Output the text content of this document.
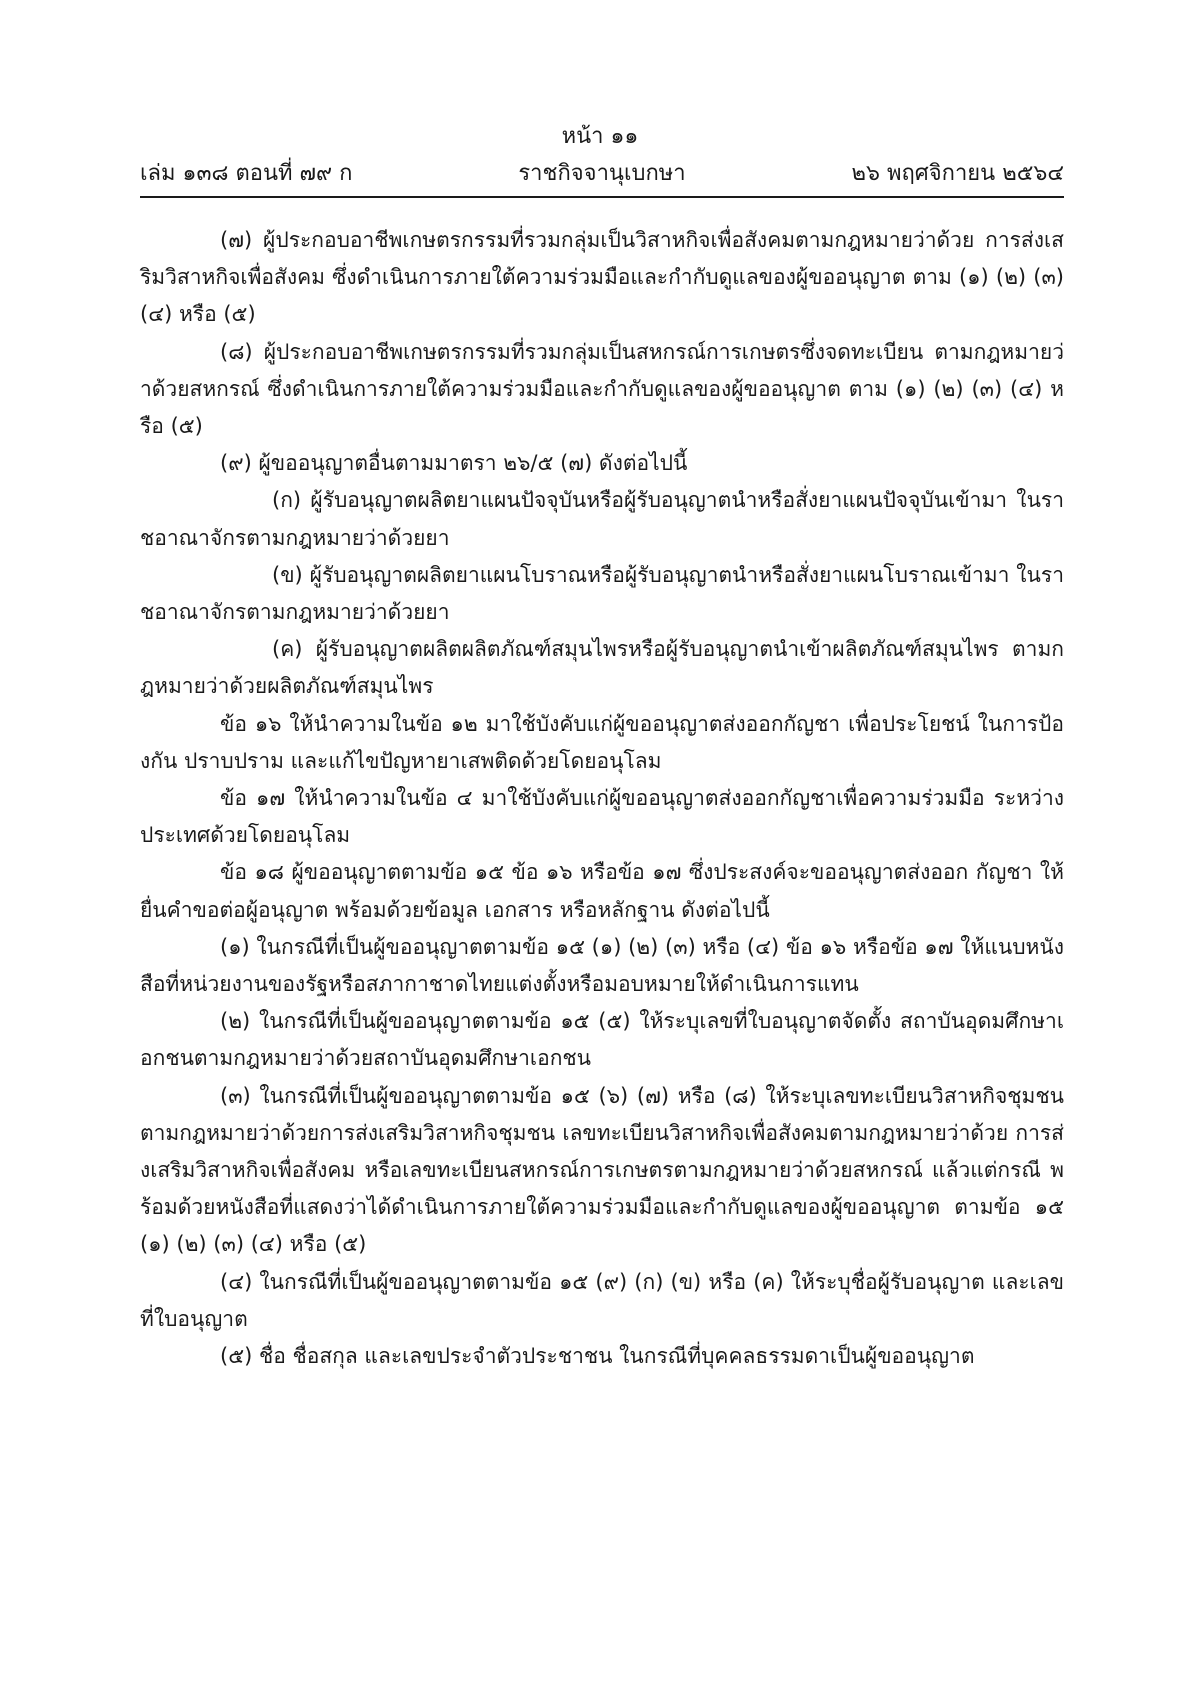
หน้า ๑๑
ราชกิจจานุเบกษา
เล่ม ๑๓๘ ตอนที่ ๗๙ ก	๒๖ พฤศจิกายน ๒๕๖๔

(๗) ผู้ประกอบอาชีพเกษตรกรรมที่รวมกลุ่มเป็นวิสาหกิจเพื่อสังคมตามกฎหมายว่าด้วย การส่งเสริมวิสาหกิจเพื่อสังคม ซึ่งดำเนินการภายใต้ความร่วมมือและกำกับดูแลของผู้ขออนุญาต ตาม (๑) (๒) (๓) (๔) หรือ (๕)

(๘) ผู้ประกอบอาชีพเกษตรกรรมที่รวมกลุ่มเป็นสหกรณ์การเกษตรซึ่งจดทะเบียน ตามกฎหมายว่าด้วยสหกรณ์ ซึ่งดำเนินการภายใต้ความร่วมมือและกำกับดูแลของผู้ขออนุญาต ตาม (๑) (๒) (๓) (๔) หรือ (๕)

(๙) ผู้ขออนุญาตอื่นตามมาตรา ๒๖/๕ (๗) ดังต่อไปนี้

(ก) ผู้รับอนุญาตผลิตยาแผนปัจจุบันหรือผู้รับอนุญาตนำหรือสั่งยาแผนปัจจุบันเข้ามา ในราชอาณาจักรตามกฎหมายว่าด้วยยา

(ข) ผู้รับอนุญาตผลิตยาแผนโบราณหรือผู้รับอนุญาตนำหรือสั่งยาแผนโบราณเข้ามา ในราชอาณาจักรตามกฎหมายว่าด้วยยา

(ค) ผู้รับอนุญาตผลิตผลิตภัณฑ์สมุนไพรหรือผู้รับอนุญาตนำเข้าผลิตภัณฑ์สมุนไพร ตามกฎหมายว่าด้วยผลิตภัณฑ์สมุนไพร

ข้อ ๑๖ ให้นำความในข้อ ๑๒ มาใช้บังคับแก่ผู้ขออนุญาตส่งออกกัญชา เพื่อประโยชน์ ในการป้องกัน ปราบปราม และแก้ไขปัญหายาเสพติดด้วยโดยอนุโลม

ข้อ ๑๗ ให้นำความในข้อ ๔ มาใช้บังคับแก่ผู้ขออนุญาตส่งออกกัญชาเพื่อความร่วมมือ ระหว่างประเทศด้วยโดยอนุโลม

ข้อ ๑๘ ผู้ขออนุญาตตามข้อ ๑๕ ข้อ ๑๖ หรือข้อ ๑๗ ซึ่งประสงค์จะขออนุญาตส่งออก กัญชา ให้ยื่นคำขอต่อผู้อนุญาต พร้อมด้วยข้อมูล เอกสาร หรือหลักฐาน ดังต่อไปนี้

(๑) ในกรณีที่เป็นผู้ขออนุญาตตามข้อ ๑๕ (๑) (๒) (๓) หรือ (๔) ข้อ ๑๖ หรือข้อ ๑๗ ให้แนบหนังสือที่หน่วยงานของรัฐหรือสภากาชาดไทยแต่งตั้งหรือมอบหมายให้ดำเนินการแทน

(๒) ในกรณีที่เป็นผู้ขออนุญาตตามข้อ ๑๕ (๕) ให้ระบุเลขที่ใบอนุญาตจัดตั้ง สถาบันอุดมศึกษาเอกชนตามกฎหมายว่าด้วยสถาบันอุดมศึกษาเอกชน

(๓) ในกรณีที่เป็นผู้ขออนุญาตตามข้อ ๑๕ (๖) (๗) หรือ (๘) ให้ระบุเลขทะเบียนวิสาหกิจชุมชน ตามกฎหมายว่าด้วยการส่งเสริมวิสาหกิจชุมชน เลขทะเบียนวิสาหกิจเพื่อสังคมตามกฎหมายว่าด้วย การส่งเสริมวิสาหกิจเพื่อสังคม หรือเลขทะเบียนสหกรณ์การเกษตรตามกฎหมายว่าด้วยสหกรณ์ แล้วแต่กรณี พร้อมด้วยหนังสือที่แสดงว่าได้ดำเนินการภายใต้ความร่วมมือและกำกับดูแลของผู้ขออนุญาต ตามข้อ ๑๕ (๑) (๒) (๓) (๔) หรือ (๕)

(๔) ในกรณีที่เป็นผู้ขออนุญาตตามข้อ ๑๕ (๙) (ก) (ข) หรือ (ค) ให้ระบุชื่อผู้รับอนุญาต และเลขที่ใบอนุญาต

(๕) ชื่อ ชื่อสกุล และเลขประจำตัวประชาชน ในกรณีที่บุคคลธรรมดาเป็นผู้ขออนุญาต
